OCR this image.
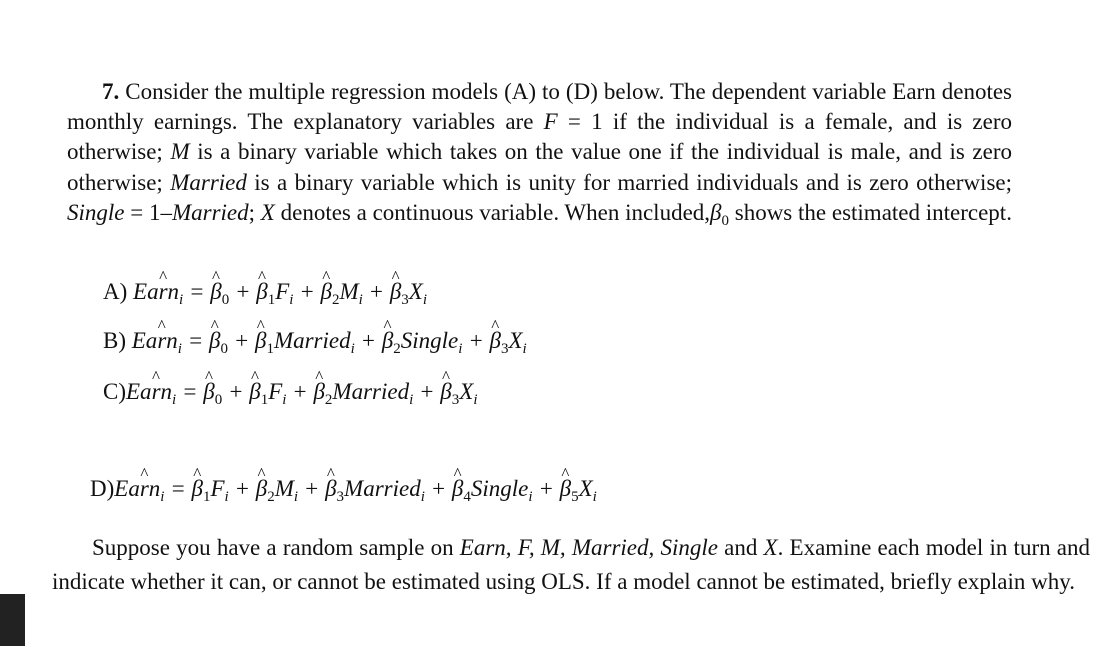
7. Consider the multiple regression models (A) to (D) below. The dependent variable Earn denotes monthly earnings. The explanatory variables are F = 1 if the individual is a female, and is zero otherwise; M is a binary variable which takes on the value one if the individual is male, and is zero otherwise; Married is a binary variable which is unity for married individuals and is zero otherwise; Single = 1–Married; X denotes a continuous variable. When $included,\beta_0$ shows the estimated intercept.

A) Ea^ $rn_i$ = ^ $\beta_0$ + ^ $\beta_1F_i$ + ^ $\beta_2M_i$ + ^ $\beta_3X_i$
B) Ea^ $rn_i$ = ^ $\beta_0$ + ^ $\beta_1Married_i$ + ^ $\beta_2Single_i$ + ^ $\beta_3X_i$
C)Ea^ $rn_i$ = ^ $\beta_0$ + ^ $\beta_1F_i$ + ^ $\beta_2Married_i$ + ^ $\beta_3X_i$
D)Ea^ $rn_i$ = ^ $\beta_1F_i$ + ^ $\beta_2M_i$ + ^ $\beta_3Married_i$ + ^ $\beta_4Single_i$ + ^ $\beta_5X_i$

Suppose you have a random sample on Earn, F, M, Married, Single and X. Examine each model in turn and indicate whether it can, or cannot be estimated using OLS. If a model cannot be estimated, briefly explain why.
